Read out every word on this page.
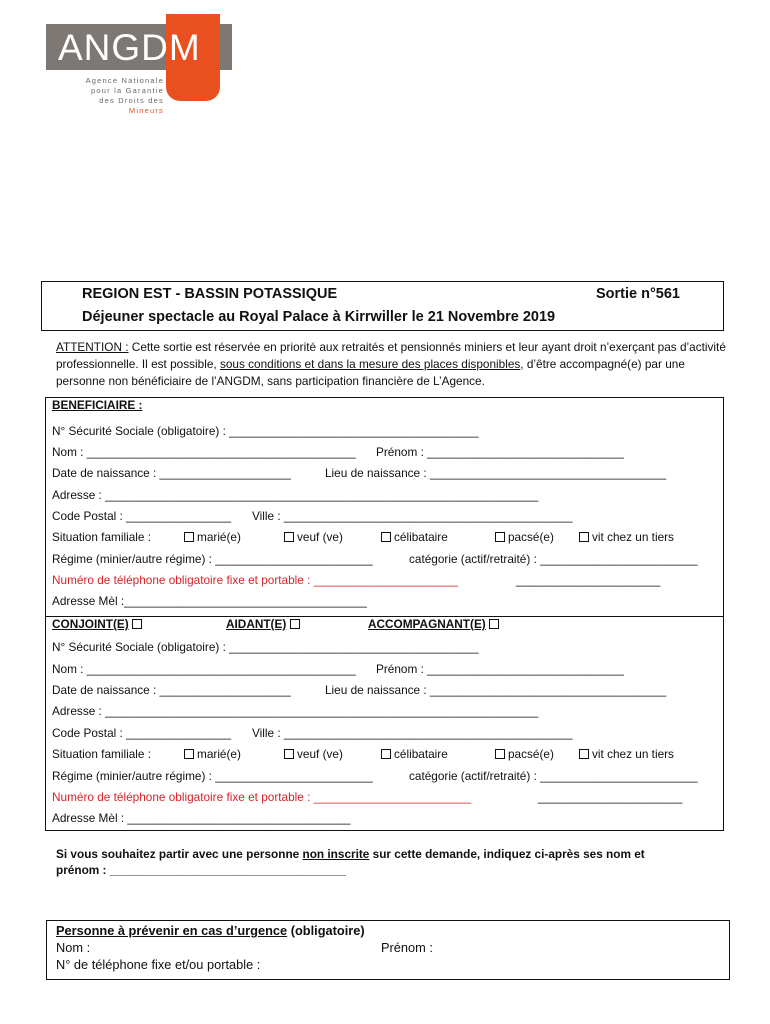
ANGDM
Agence Nationale
pour la Garantie
des Droits des Mineurs
REGION EST - BASSIN POTASSIQUE	Sortie n°561
Déjeuner spectacle au Royal Palace à Kirrwiller le 21 Novembre 2019
ATTENTION : Cette sortie est réservée en priorité aux retraités et pensionnés miniers et leur ayant droit n’exerçant pas d’activité professionnelle. Il est possible, sous conditions et dans la mesure des places disponibles, d’être accompagné(e) par une personne non bénéficiaire de l’ANGDM, sans participation financière de L’Agence.
BENEFICIAIRE :
N° Sécurité Sociale (obligatoire) : ______________________________________
Nom : _________________________________________ Prénom : ______________________________
Date de naissance : ____________________	Lieu de naissance : ____________________________________
Adresse : __________________________________________________________________
Code Postal : ________________ Ville : ____________________________________________
Situation familiale :	marié(e)	veuf (ve)	célibataire	pacsé(e)	vit chez un tiers
Régime (minier/autre régime) : ________________________	catégorie (actif/retraité) : ________________________
Numéro de téléphone obligatoire fixe et portable : ______________________	______________________
Adresse Mèl :_____________________________________
CONJOINT(E)	AIDANT(E)	ACCOMPAGNANT(E)
N° Sécurité Sociale (obligatoire) : ______________________________________
Nom : _________________________________________ Prénom : ______________________________
Date de naissance : ____________________	Lieu de naissance : ____________________________________
Adresse : __________________________________________________________________
Code Postal : ________________ Ville : ____________________________________________
Situation familiale :	marié(e)	veuf (ve)	célibataire	pacsé(e)	vit chez un tiers
Régime (minier/autre régime) : ________________________	catégorie (actif/retraité) : ________________________
Numéro de téléphone obligatoire fixe et portable : ________________________	______________________
Adresse Mèl : __________________________________
Si vous souhaitez partir avec une personne non inscrite sur cette demande, indiquez ci-après ses nom et
prénom : ____________________________________
Personne à prévenir en cas d’urgence (obligatoire)
Nom :	Prénom :
N° de téléphone fixe et/ou portable :
